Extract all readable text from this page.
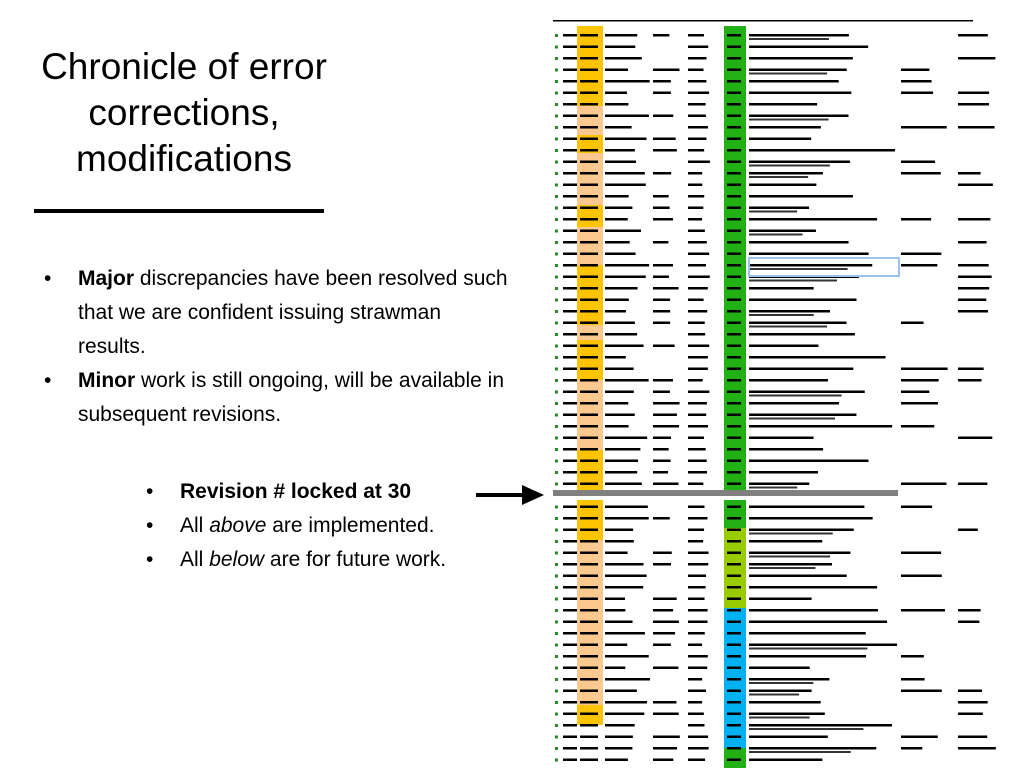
Chronicle of error
corrections,
modifications
•	Major discrepancies have been resolved such that we are confident issuing strawman results.
•	Minor work is still ongoing, will be available in subsequent revisions.
•	Revision # locked at 30
•	All above are implemented.
•	All below are for future work.
